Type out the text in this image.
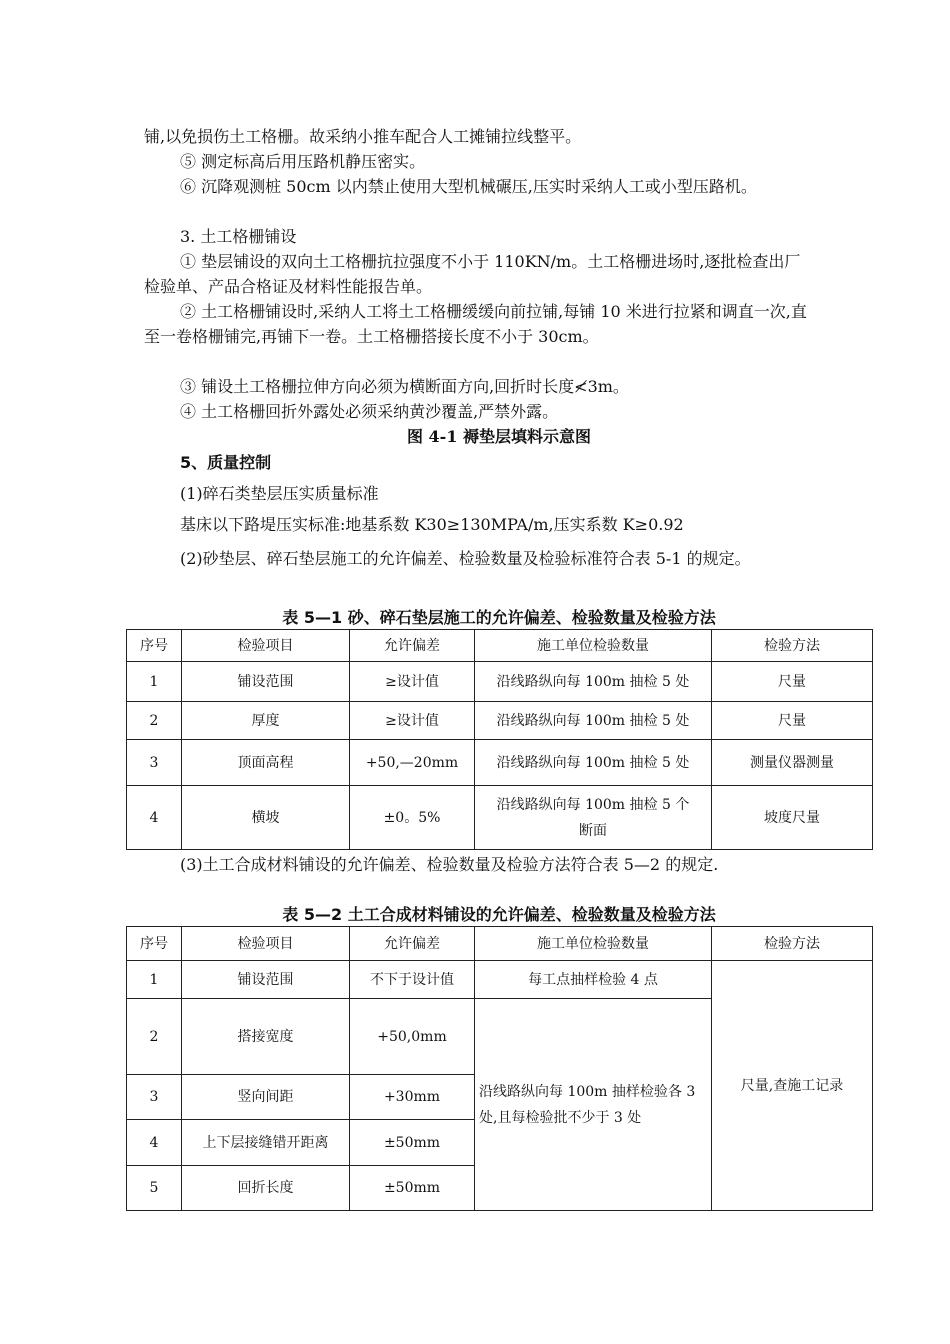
铺,以免损伤土工格栅。故采纳小推车配合人工摊铺拉线整平。

⑤ 测定标高后用压路机静压密实。

⑥ 沉降观测桩 50cm 以内禁止使用大型机械碾压,压实时采纳人工或小型压路机。

3. 土工格栅铺设

① 垫层铺设的双向土工格栅抗拉强度不小于 110KN/m。土工格栅进场时,逐批检查出厂检验单、产品合格证及材料性能报告单。

② 土工格栅铺设时,采纳人工将土工格栅缓缓向前拉铺,每铺 10 米进行拉紧和调直一次,直至一卷格栅铺完,再铺下一卷。土工格栅搭接长度不小于 30cm。

③ 铺设土工格栅拉伸方向必须为横断面方向,回折时长度≮3m。

④ 土工格栅回折外露处必须采纳黄沙覆盖,严禁外露。

图 4-1 褥垫层填料示意图

5、质量控制

(1)碎石类垫层压实质量标准

基床以下路堤压实标准:地基系数 K30≥130MPA/m,压实系数 K≥0.92

(2)砂垫层、碎石垫层施工的允许偏差、检验数量及检验标准符合表 5-1 的规定。

表 5—1 砂、碎石垫层施工的允许偏差、检验数量及检验方法

序号	检验项目	允许偏差	施工单位检验数量	检验方法
1	铺设范围	≥设计值	沿线路纵向每 100m 抽检 5 处	尺量
2	厚度	≥设计值	沿线路纵向每 100m 抽检 5 处	尺量
3	顶面高程	+50,—20mm	沿线路纵向每 100m 抽检 5 处	测量仪器测量
4	横坡	±0。5%	沿线路纵向每 100m 抽检 5 个断面	坡度尺量

(3)土工合成材料铺设的允许偏差、检验数量及检验方法符合表 5—2 的规定.

表 5—2 土工合成材料铺设的允许偏差、检验数量及检验方法

序号	检验项目	允许偏差	施工单位检验数量	检验方法
1	铺设范围	不下于设计值	每工点抽样检验 4 点	尺量,查施工记录
2	搭接宽度	+50,0mm	沿线路纵向每 100m 抽样检验各 3 处,且每检验批不少于 3 处	
3	竖向间距	+30mm		
4	上下层接缝错开距离	±50mm		
5	回折长度	±50mm		
